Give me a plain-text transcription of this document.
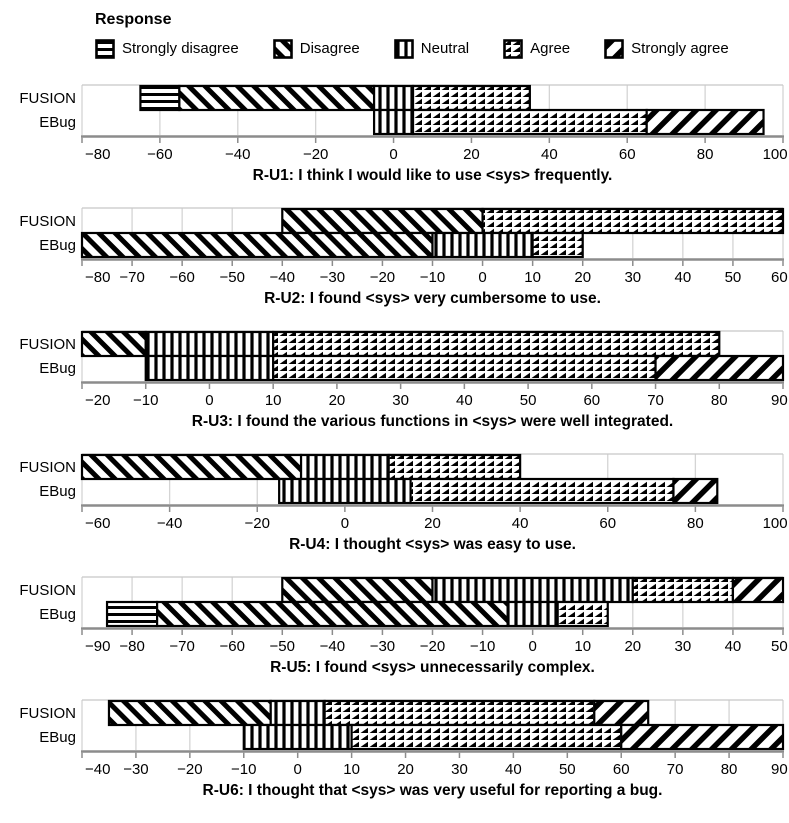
Response
Strongly disagree	Disagree	Neutral	Agree	Strongly agree
−80 −60	−40	−20	0	20	40	60	80	100
FUSION
EBug
R-U1: I think I would like to use <sys> frequently.
−80 −70 −60 −50 −40 −30 −20 −10 0	10 20 30 40 50 60
FUSION
EBug
R-U2: I found <sys> very cumbersome to use.
−20 −10	0	10	20	30	40	50	60	70	80	90
FUSION
EBug
R-U3: I found the various functions in <sys> were well integrated.
−60	−40	−20	0	20	40	60	80	100
FUSION
EBug
R-U4: I thought <sys> was easy to use.
−90 −80 −70 −60 −50 −40 −30 −20 −10 0	10 20 30 40 50
FUSION
EBug
R-U5: I found <sys> unnecessarily complex.
−40 −30 −20 −10 0	10 20 30 40 50 60 70 80 90
FUSION
EBug
R-U6: I thought that <sys> was very useful for reporting a bug.
